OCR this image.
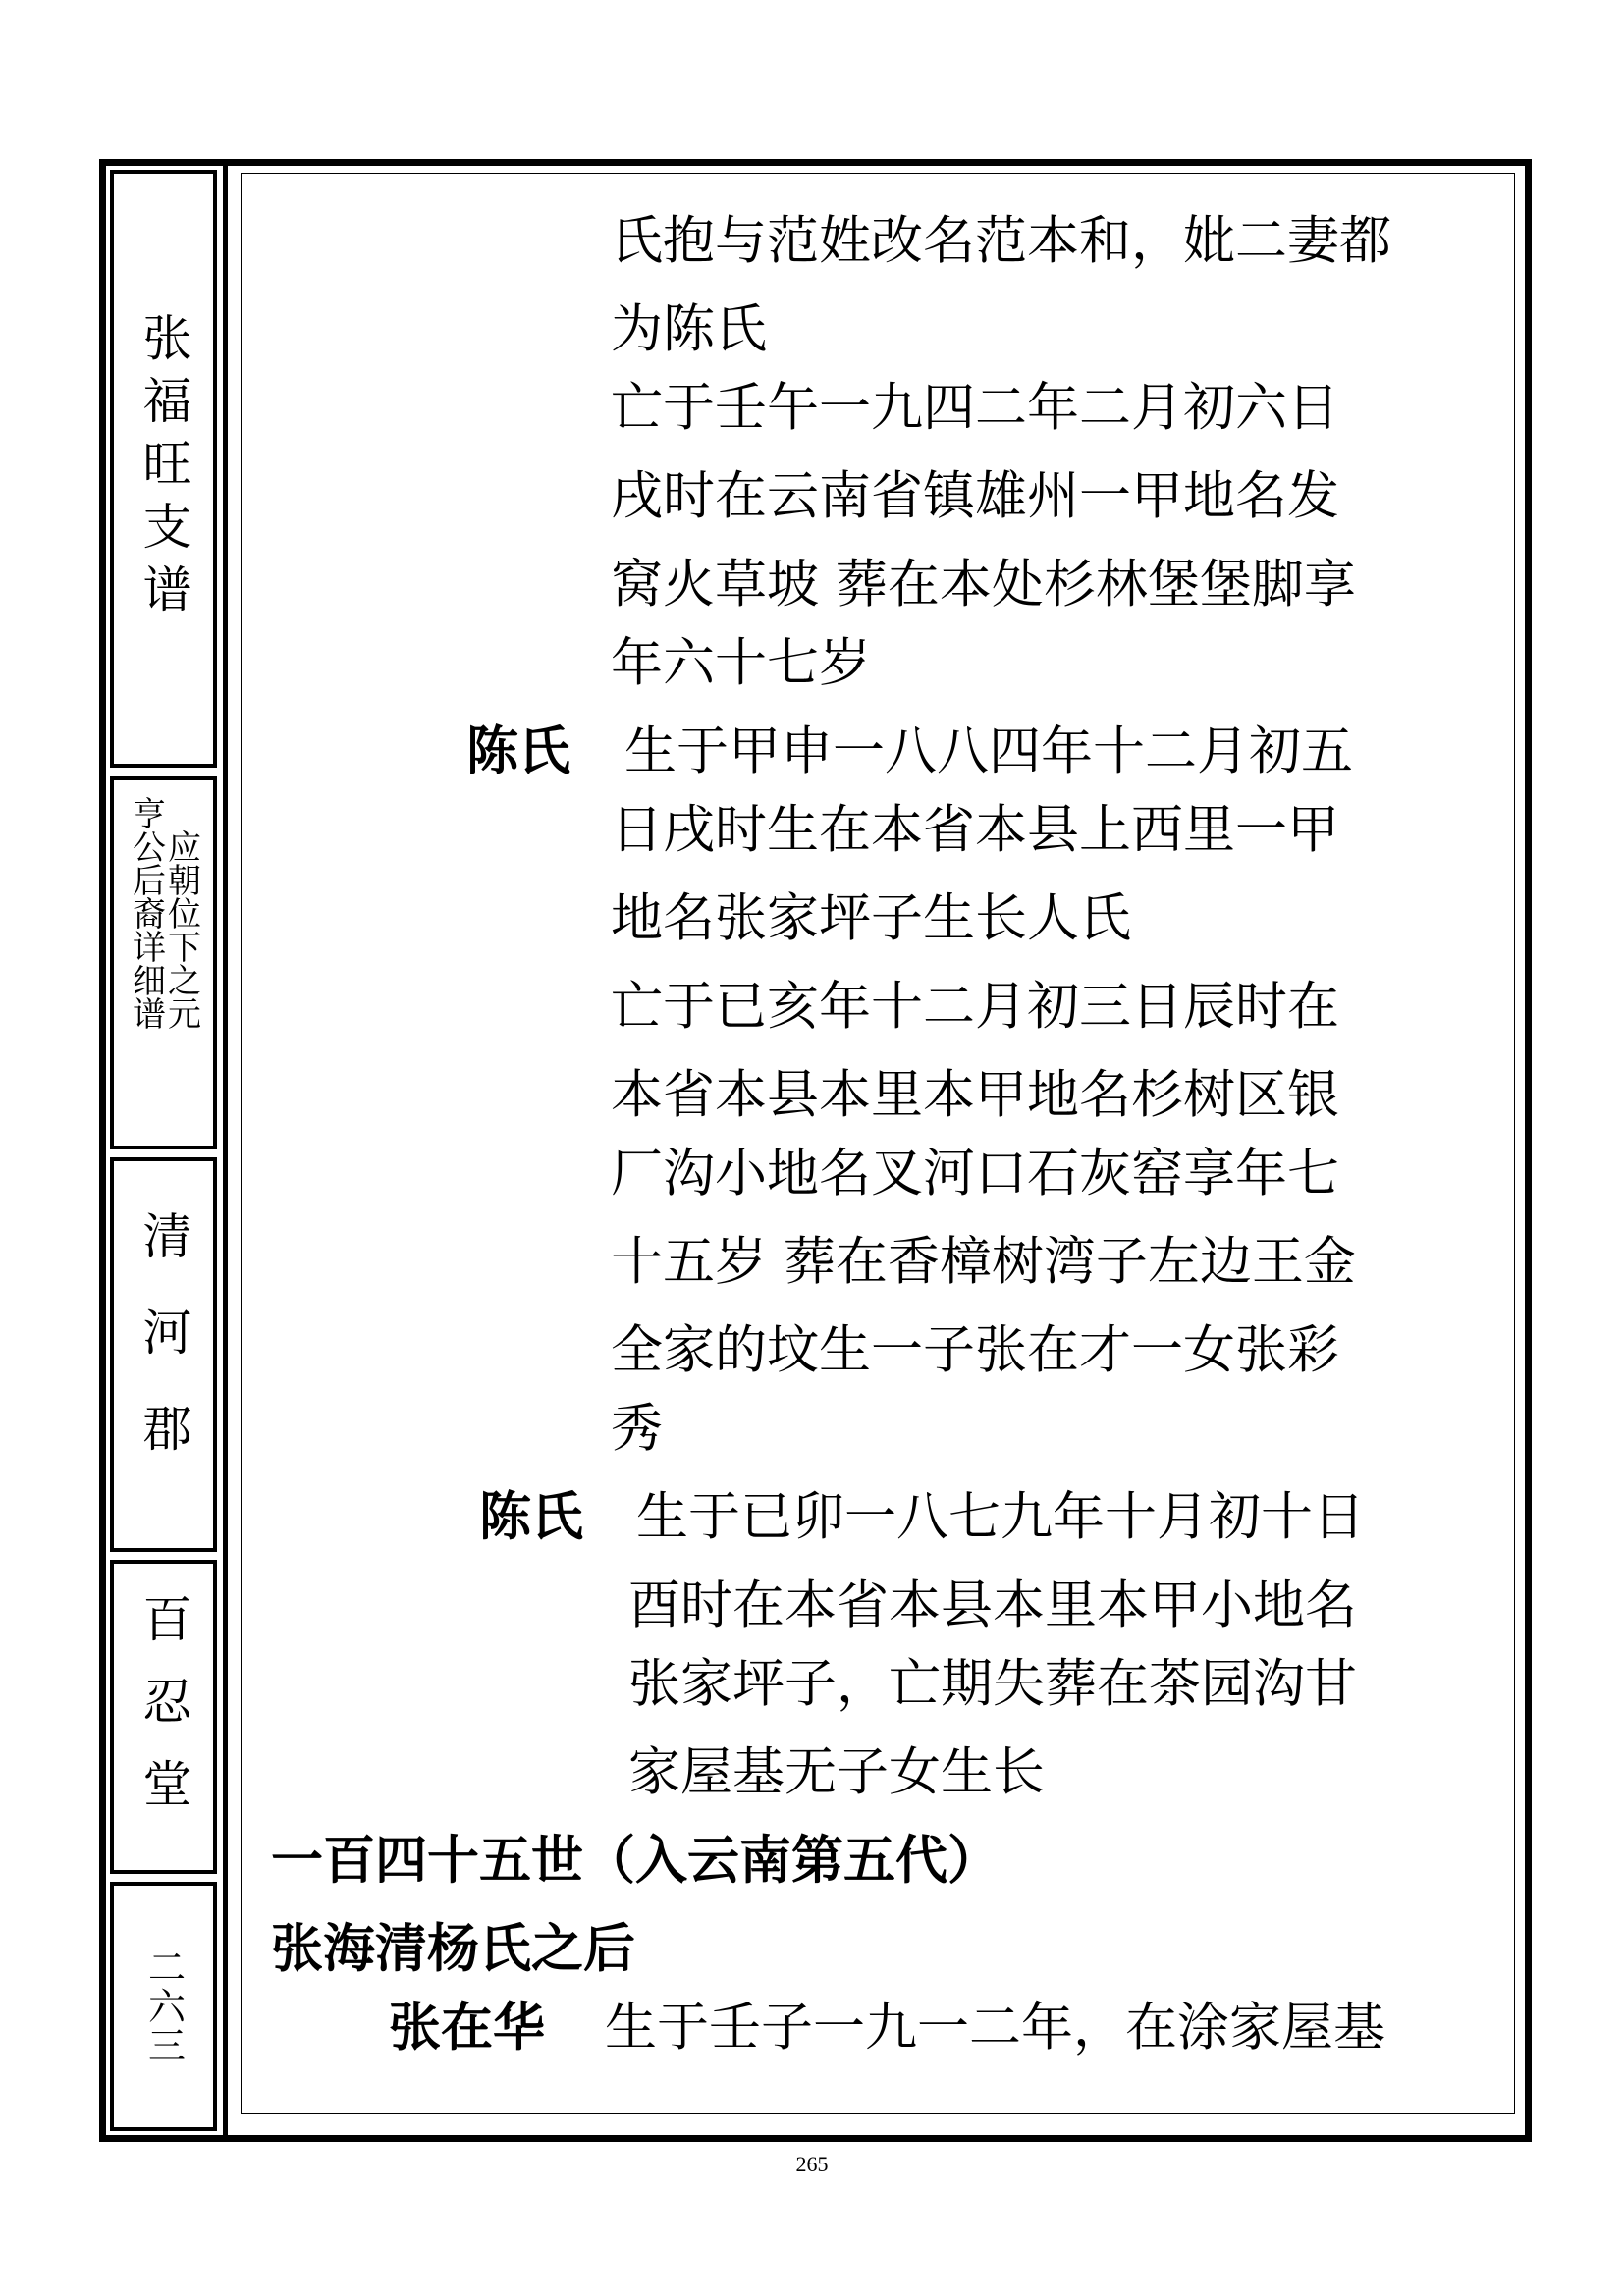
张福旺支谱
应朝位下之元
亨公后裔详细谱
清河郡
百忍堂
二六三
氏抱与范姓改名范本和，妣二妻都
为陈氏
亡于壬午一九四二年二月初六日
戌时在云南省镇雄州一甲地名发
窝火草坡 葬在本处杉林堡堡脚享
年六十七岁
陈氏 生于甲申一八八四年十二月初五
日戌时生在本省本县上西里一甲
地名张家坪子生长人氏
亡于已亥年十二月初三日辰时在
本省本县本里本甲地名杉树区银
厂沟小地名叉河口石灰窑享年七
十五岁 葬在香樟树湾子左边王金
全家的坟生一子张在才一女张彩
秀
陈氏 生于已卯一八七九年十月初十日
酉时在本省本县本里本甲小地名
张家坪子，亡期失葬在茶园沟甘
家屋基无子女生长
一百四十五世（入云南第五代）
张海清杨氏之后
张在华 生于壬子一九一二年，在涂家屋基
265
